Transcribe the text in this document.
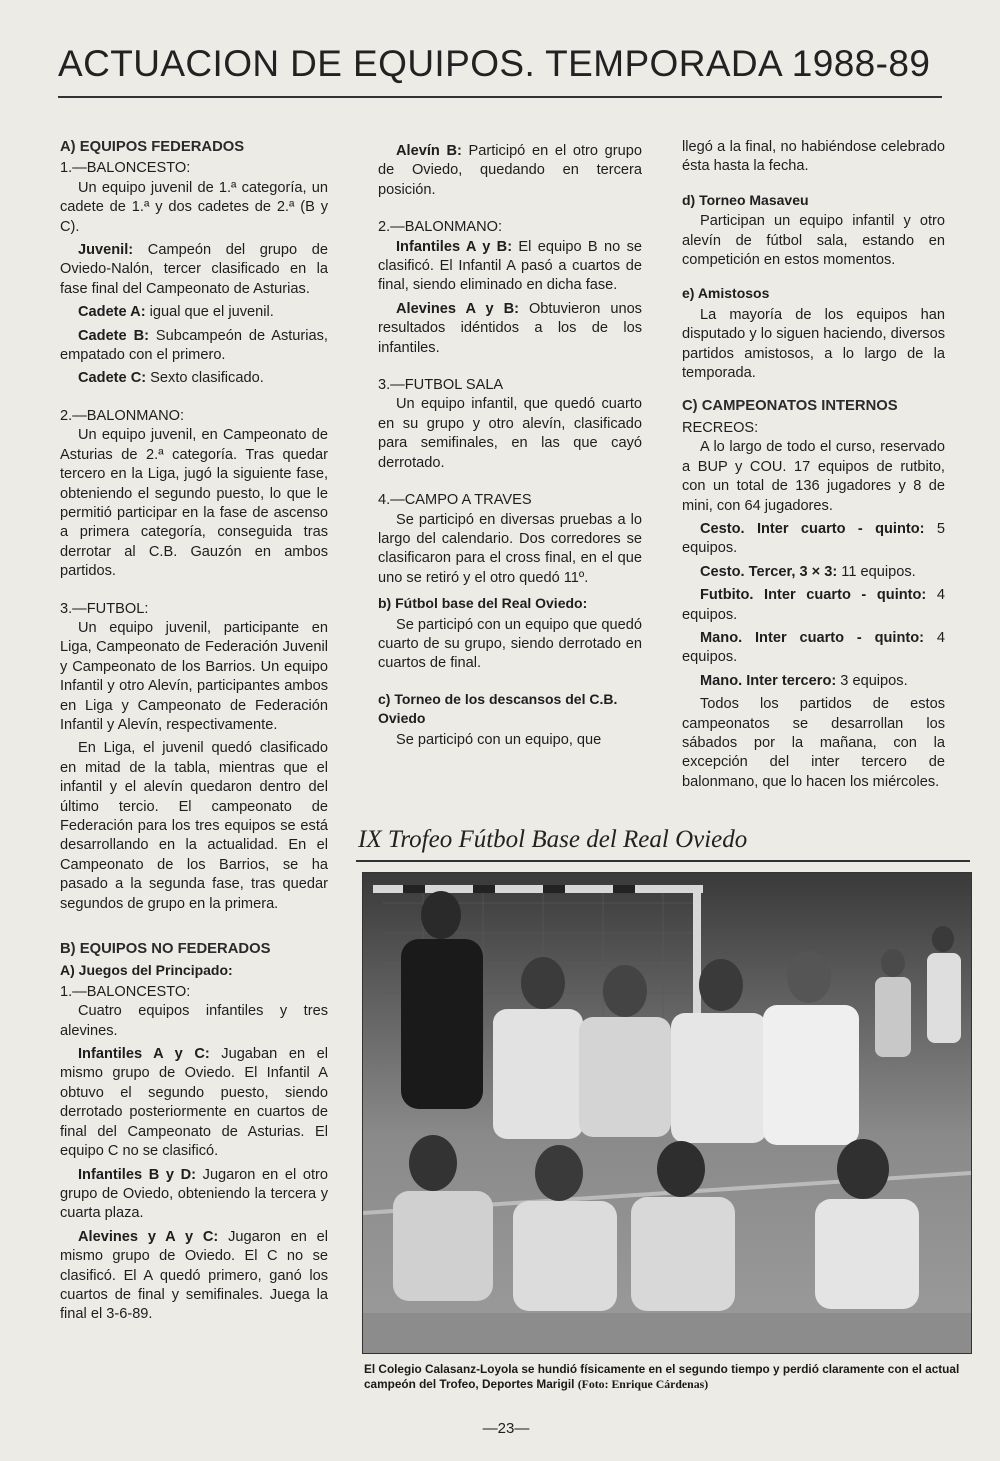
ACTUACION DE EQUIPOS. TEMPORADA 1988-89
A) EQUIPOS FEDERADOS

1.—BALONCESTO:

Un equipo juvenil de 1.ª categoría, un cadete de 1.ª y dos cadetes de 2.ª (B y C).

Juvenil: Campeón del grupo de Oviedo-Nalón, tercer clasificado en la fase final del Campeonato de Asturias.

Cadete A: igual que el juvenil.

Cadete B: Subcampeón de Asturias, empatado con el primero.

Cadete C: Sexto clasificado.

2.—BALONMANO:

Un equipo juvenil, en Campeonato de Asturias de 2.ª categoría. Tras quedar tercero en la Liga, jugó la siguiente fase, obteniendo el segundo puesto, lo que le permitió participar en la fase de ascenso a primera categoría, conseguida tras derrotar al C.B. Gauzón en ambos partidos.

3.—FUTBOL:

Un equipo juvenil, participante en Liga, Campeonato de Federación Juvenil y Campeonato de los Barrios. Un equipo Infantil y otro Alevín, participantes ambos en Liga y Campeonato de Federación Infantil y Alevín, respectivamente.

En Liga, el juvenil quedó clasificado en mitad de la tabla, mientras que el infantil y el alevín quedaron dentro del último tercio. El campeonato de Federación para los tres equipos se está desarrollando en la actualidad. En el Campeonato de los Barrios, se ha pasado a la segunda fase, tras quedar segundos de grupo en la primera.

B) EQUIPOS NO FEDERADOS
A) Juegos del Principado:

1.—BALONCESTO:

Cuatro equipos infantiles y tres alevines.

Infantiles A y C: Jugaban en el mismo grupo de Oviedo. El Infantil A obtuvo el segundo puesto, siendo derrotado posteriormente en cuartos de final del Campeonato de Asturias. El equipo C no se clasificó.

Infantiles B y D: Jugaron en el otro grupo de Oviedo, obteniendo la tercera y cuarta plaza.

Alevines y A y C: Jugaron en el mismo grupo de Oviedo. El C no se clasificó. El A quedó primero, ganó los cuartos de final y semifinales. Juega la final el 3-6-89.

Alevín B: Participó en el otro grupo de Oviedo, quedando en tercera posición.

2.—BALONMANO:

Infantiles A y B: El equipo B no se clasificó. El Infantil A pasó a cuartos de final, siendo eliminado en dicha fase.

Alevines A y B: Obtuvieron unos resultados idéntidos a los de los infantiles.

3.—FUTBOL SALA

Un equipo infantil, que quedó cuarto en su grupo y otro alevín, clasificado para semifinales, en las que cayó derrotado.

4.—CAMPO A TRAVES

Se participó en diversas pruebas a lo largo del calendario. Dos corredores se clasificaron para el cross final, en el que uno se retiró y el otro quedó 11º.

b) Fútbol base del Real Oviedo:

Se participó con un equipo que quedó cuarto de su grupo, siendo derrotado en cuartos de final.

c) Torneo de los descansos del C.B. Oviedo

Se participó con un equipo, que

llegó a la final, no habiéndose celebrado ésta hasta la fecha.

d) Torneo Masaveu

Participan un equipo infantil y otro alevín de fútbol sala, estando en competición en estos momentos.

e) Amistosos

La mayoría de los equipos han disputado y lo siguen haciendo, diversos partidos amistosos, a lo largo de la temporada.

C) CAMPEONATOS INTERNOS

RECREOS:

A lo largo de todo el curso, reservado a BUP y COU. 17 equipos de rutbito, con un total de 136 jugadores y 8 de mini, con 64 jugadores.

Cesto. Inter cuarto - quinto: 5 equipos.

Cesto. Tercer, 3 × 3: 11 equipos.

Futbito. Inter cuarto - quinto: 4 equipos.

Mano. Inter cuarto - quinto: 4 equipos.

Mano. Inter tercero: 3 equipos.

Todos los partidos de estos campeonatos se desarrollan los sábados por la mañana, con la excepción del inter tercero de balonmano, que lo hacen los miércoles.

IX Trofeo Fútbol Base del Real Oviedo
El Colegio Calasanz-Loyola se hundió físicamente en el segundo tiempo y perdió claramente con el actual campeón del Trofeo, Deportes Marigil (Foto: Enrique Cárdenas)
—23—
